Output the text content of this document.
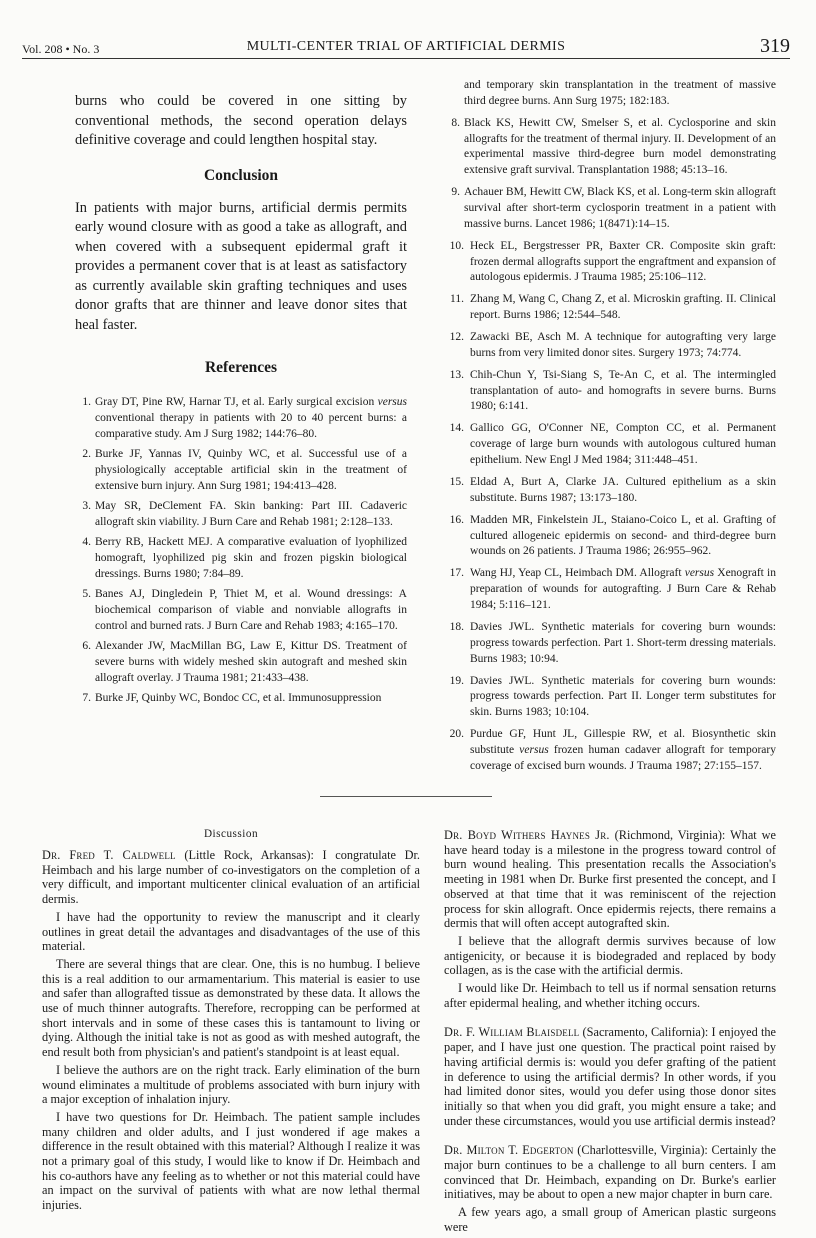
Vol. 208 • No. 3	MULTI-CENTER TRIAL OF ARTIFICIAL DERMIS	319

burns who could be covered in one sitting by conventional methods, the second operation delays definitive coverage and could lengthen hospital stay.

Conclusion

In patients with major burns, artificial dermis permits early wound closure with as good a take as allograft, and when covered with a subsequent epidermal graft it provides a permanent cover that is at least as satisfactory as currently available skin grafting techniques and uses donor grafts that are thinner and leave donor sites that heal faster.

References
1. Gray DT, Pine RW, Harnar TJ, et al. Early surgical excision versus conventional therapy in patients with 20 to 40 percent burns: a comparative study. Am J Surg 1982; 144:76–80.
2. Burke JF, Yannas IV, Quinby WC, et al. Successful use of a physiologically acceptable artificial skin in the treatment of extensive burn injury. Ann Surg 1981; 194:413–428.
3. May SR, DeClement FA. Skin banking: Part III. Cadaveric allograft skin viability. J Burn Care and Rehab 1981; 2:128–133.
4. Berry RB, Hackett MEJ. A comparative evaluation of lyophilized homograft, lyophilized pig skin and frozen pigskin biological dressings. Burns 1980; 7:84–89.
5. Banes AJ, Dingledein P, Thiet M, et al. Wound dressings: A biochemical comparison of viable and nonviable allografts in control and burned rats. J Burn Care and Rehab 1983; 4:165–170.
6. Alexander JW, MacMillan BG, Law E, Kittur DS. Treatment of severe burns with widely meshed skin autograft and meshed skin allograft overlay. J Trauma 1981; 21:433–438.
7. Burke JF, Quinby WC, Bondoc CC, et al. Immunosuppression
and temporary skin transplantation in the treatment of massive third degree burns. Ann Surg 1975; 182:183.
8. Black KS, Hewitt CW, Smelser S, et al. Cyclosporine and skin allografts for the treatment of thermal injury. II. Development of an experimental massive third-degree burn model demonstrating extensive graft survival. Transplantation 1988; 45:13–16.
9. Achauer BM, Hewitt CW, Black KS, et al. Long-term skin allograft survival after short-term cyclosporin treatment in a patient with massive burns. Lancet 1986; 1(8471):14–15.
10. Heck EL, Bergstresser PR, Baxter CR. Composite skin graft: frozen dermal allografts support the engraftment and expansion of autologous epidermis. J Trauma 1985; 25:106–112.
11. Zhang M, Wang C, Chang Z, et al. Microskin grafting. II. Clinical report. Burns 1986; 12:544–548.
12. Zawacki BE, Asch M. A technique for autografting very large burns from very limited donor sites. Surgery 1973; 74:774.
13. Chih-Chun Y, Tsi-Siang S, Te-An C, et al. The intermingled transplantation of auto- and homografts in severe burns. Burns 1980; 6:141.
14. Gallico GG, O'Conner NE, Compton CC, et al. Permanent coverage of large burn wounds with autologous cultured human epithelium. New Engl J Med 1984; 311:448–451.
15. Eldad A, Burt A, Clarke JA. Cultured epithelium as a skin substitute. Burns 1987; 13:173–180.
16. Madden MR, Finkelstein JL, Staiano-Coico L, et al. Grafting of cultured allogeneic epidermis on second- and third-degree burn wounds on 26 patients. J Trauma 1986; 26:955–962.
17. Wang HJ, Yeap CL, Heimbach DM. Allograft versus Xenograft in preparation of wounds for autografting. J Burn Care & Rehab 1984; 5:116–121.
18. Davies JWL. Synthetic materials for covering burn wounds: progress towards perfection. Part 1. Short-term dressing materials. Burns 1983; 10:94.
19. Davies JWL. Synthetic materials for covering burn wounds: progress towards perfection. Part II. Longer term substitutes for skin. Burns 1983; 10:104.
20. Purdue GF, Hunt JL, Gillespie RW, et al. Biosynthetic skin substitute versus frozen human cadaver allograft for temporary coverage of excised burn wounds. J Trauma 1987; 27:155–157.
Discussion

Dr. Fred T. Caldwell (Little Rock, Arkansas): I congratulate Dr. Heimbach and his large number of co-investigators on the completion of a very difficult, and important multicenter clinical evaluation of an artificial dermis.

I have had the opportunity to review the manuscript and it clearly outlines in great detail the advantages and disadvantages of the use of this material.

There are several things that are clear. One, this is no humbug. I believe this is a real addition to our armamentarium. This material is easier to use and safer than allografted tissue as demonstrated by these data. It allows the use of much thinner autografts. Therefore, recropping can be performed at short intervals and in some of these cases this is tantamount to living or dying. Although the initial take is not as good as with meshed autograft, the end result both from physician's and patient's standpoint is at least equal.

I believe the authors are on the right track. Early elimination of the burn wound eliminates a multitude of problems associated with burn injury with a major exception of inhalation injury.

I have two questions for Dr. Heimbach. The patient sample includes many children and older adults, and I just wondered if age makes a difference in the result obtained with this material? Although I realize it was not a primary goal of this study, I would like to know if Dr. Heimbach and his co-authors have any feeling as to whether or not this material could have an impact on the survival of patients with what are now lethal thermal injuries.

Dr. Boyd Withers Haynes Jr. (Richmond, Virginia): What we have heard today is a milestone in the progress toward control of burn wound healing. This presentation recalls the Association's meeting in 1981 when Dr. Burke first presented the concept, and I observed at that time that it was reminiscent of the rejection process for skin allograft. Once epidermis rejects, there remains a dermis that will often accept autografted skin.

I believe that the allograft dermis survives because of low antigenicity, or because it is biodegraded and replaced by body collagen, as is the case with the artificial dermis.

I would like Dr. Heimbach to tell us if normal sensation returns after epidermal healing, and whether itching occurs.

Dr. F. William Blaisdell (Sacramento, California): I enjoyed the paper, and I have just one question. The practical point raised by having artificial dermis is: would you defer grafting of the patient in deference to using the artificial dermis? In other words, if you had limited donor sites, would you defer using those donor sites initially so that when you did graft, you might ensure a take; and under these circumstances, would you use artificial dermis instead?

Dr. Milton T. Edgerton (Charlottesville, Virginia): Certainly the major burn continues to be a challenge to all burn centers. I am convinced that Dr. Heimbach, expanding on Dr. Burke's earlier initiatives, may be about to open a new major chapter in burn care.

A few years ago, a small group of American plastic surgeons were
